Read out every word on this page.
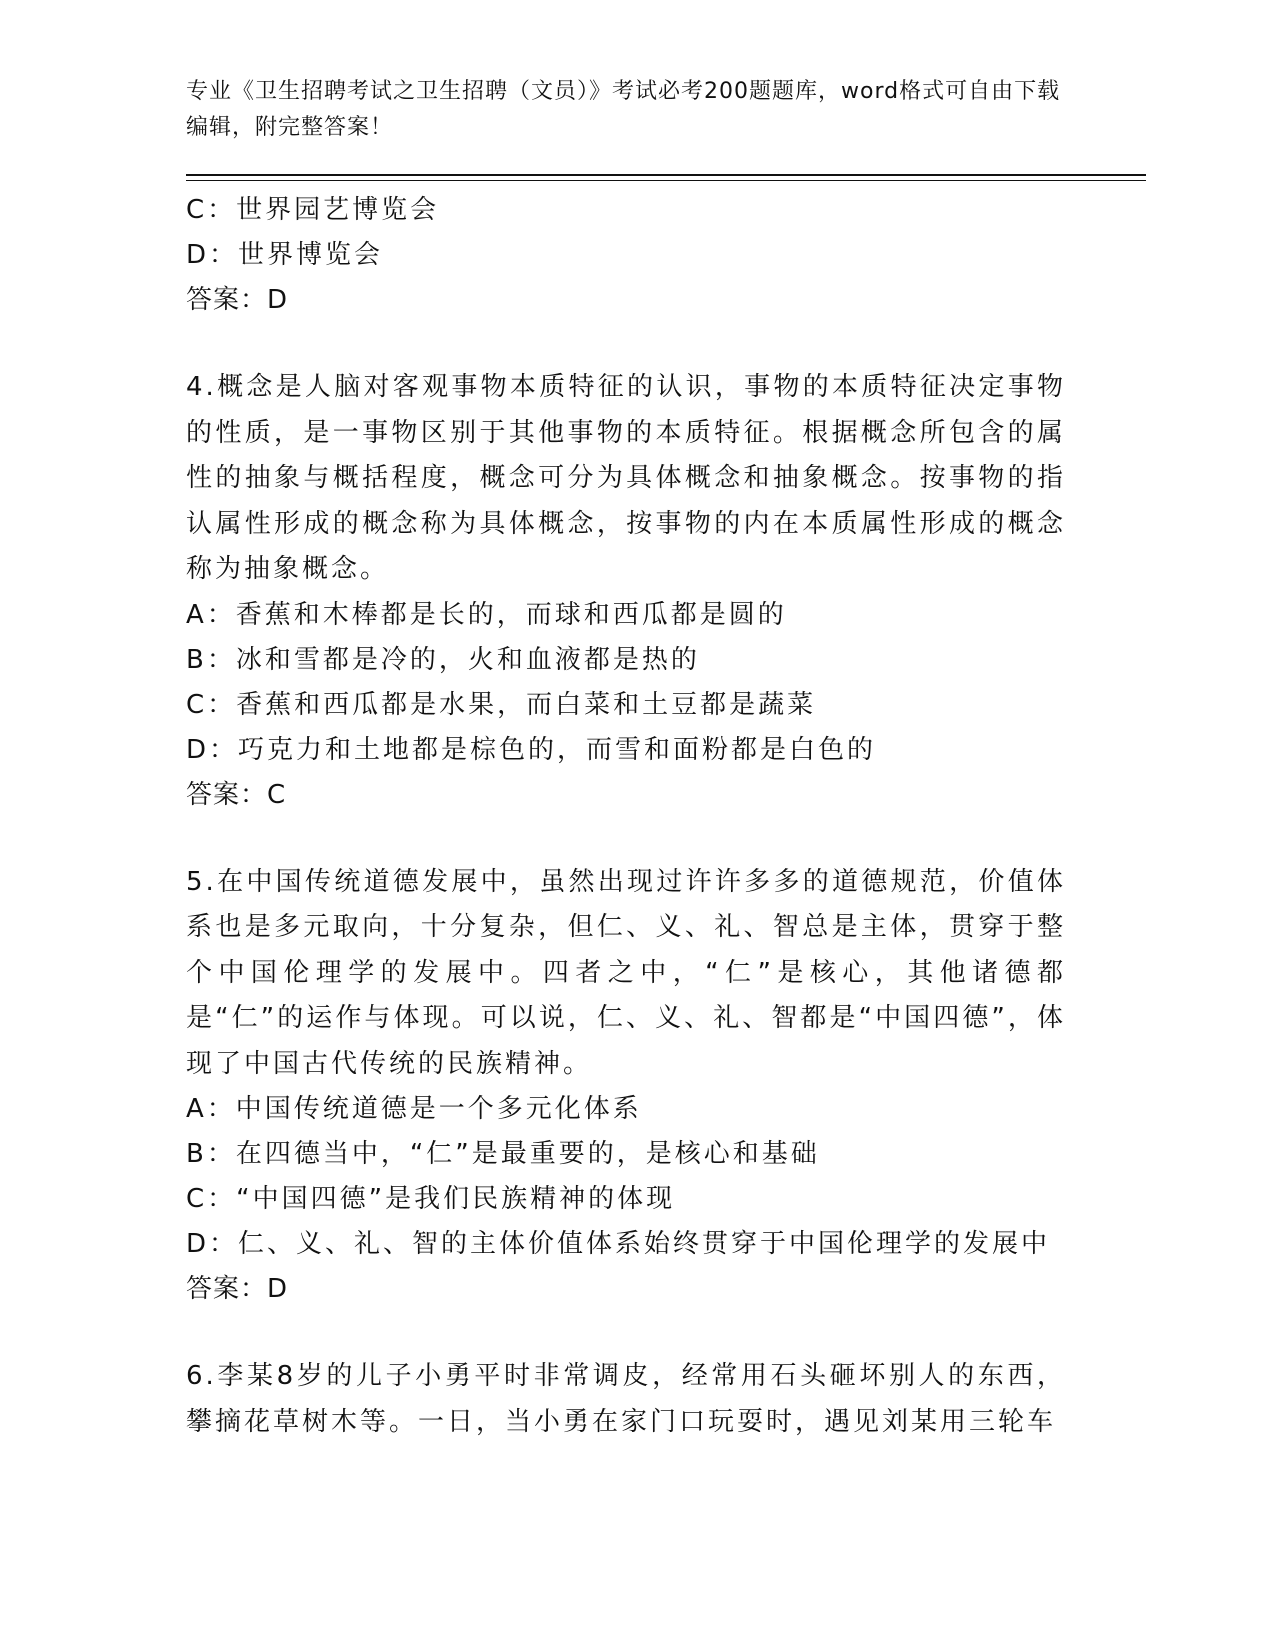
专业《卫生招聘考试之卫生招聘（文员）》考试必考200题题库，word格式可自由下载编辑，附完整答案！
C：世界园艺博览会
D：世界博览会
答案：D
4.概念是人脑对客观事物本质特征的认识，事物的本质特征决定事物的性质，是一事物区别于其他事物的本质特征。根据概念所包含的属性的抽象与概括程度，概念可分为具体概念和抽象概念。按事物的指认属性形成的概念称为具体概念，按事物的内在本质属性形成的概念称为抽象概念。
A：香蕉和木棒都是长的，而球和西瓜都是圆的
B：冰和雪都是冷的，火和血液都是热的
C：香蕉和西瓜都是水果，而白菜和土豆都是蔬菜
D：巧克力和土地都是棕色的，而雪和面粉都是白色的
答案：C
5.在中国传统道德发展中，虽然出现过许许多多的道德规范，价值体系也是多元取向，十分复杂，但仁、义、礼、智总是主体，贯穿于整个中国伦理学的发展中。四者之中，“仁”是核心，其他诸德都是“仁”的运作与体现。可以说，仁、义、礼、智都是“中国四德”，体现了中国古代传统的民族精神。
A：中国传统道德是一个多元化体系
B：在四德当中，“仁”是最重要的，是核心和基础
C：“中国四德”是我们民族精神的体现
D：仁、义、礼、智的主体价值体系始终贯穿于中国伦理学的发展中
答案：D
6.李某8岁的儿子小勇平时非常调皮，经常用石头砸坏别人的东西，攀摘花草树木等。一日，当小勇在家门口玩耍时，遇见刘某用三轮车
